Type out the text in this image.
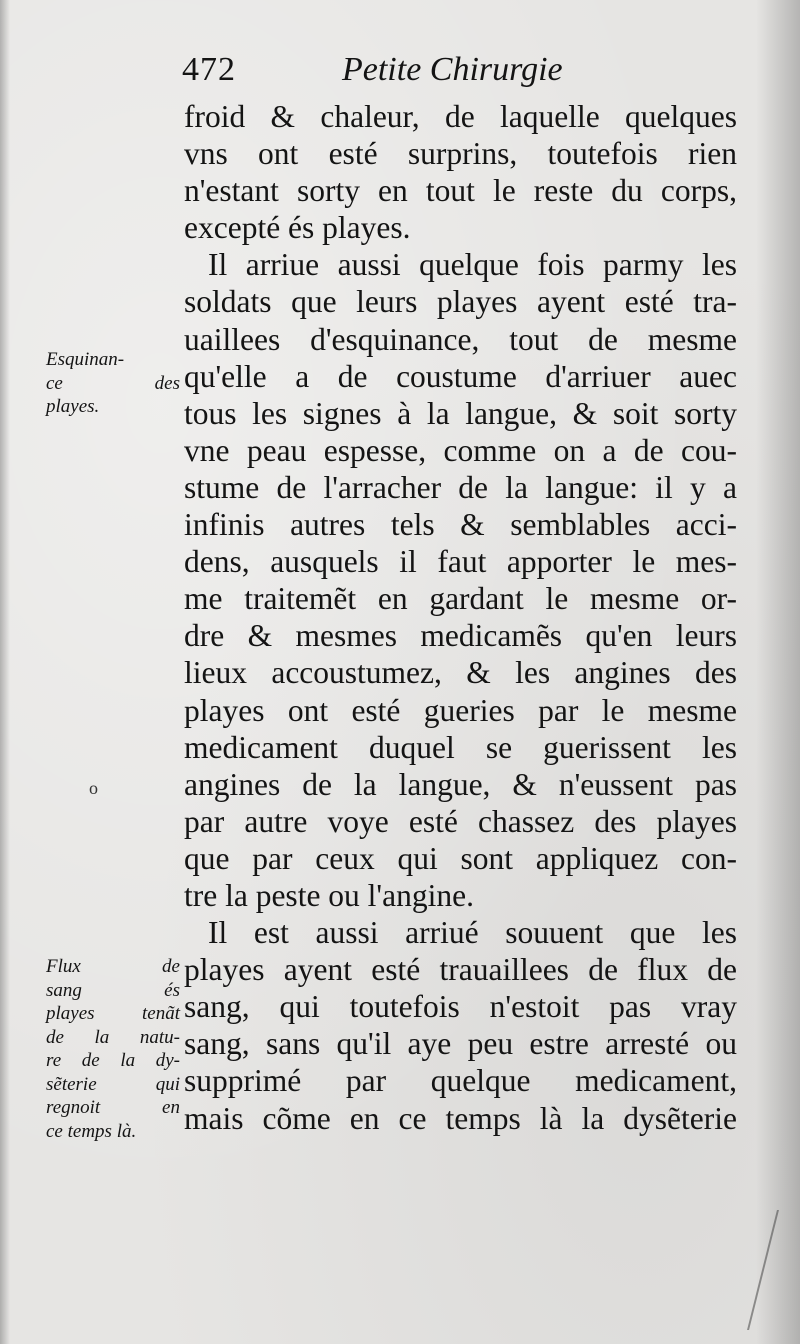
472	Petite Chirurgie
froid & chaleur, de laquelle quelques
vns ont esté surprins, toutefois rien
n'estant sorty en tout le reste du corps,
excepté és playes.
Il arriue aussi quelque fois parmy les
soldats que leurs playes ayent esté tra-
uaillees d'esquinance, tout de mesme
qu'elle a de coustume d'arriuer auec
tous les signes à la langue, & soit sorty
vne peau espesse, comme on a de cou-
stume de l'arracher de la langue: il y a
infinis autres tels & semblables acci-
dens, ausquels il faut apporter le mes-
me traitemẽt en gardant le mesme or-
dre & mesmes medicamẽs qu'en leurs
lieux accoustumez, & les angines des
playes ont esté gueries par le mesme
medicament duquel se guerissent les
angines de la langue, & n'eussent pas
par autre voye esté chassez des playes
que par ceux qui sont appliquez con-
tre la peste ou l'angine.
Il est aussi arriué souuent que les
playes ayent esté trauaillees de flux de
sang, qui toutefois n'estoit pas vray
sang, sans qu'il aye peu estre arresté ou
supprimé par quelque medicament,
mais cõme en ce temps là la dysẽterie
Esquinan-
ce des
playes.
o
Flux de
sang és
playes tenãt
de la natu-
re de la dy-
sẽterie qui
regnoit en
ce temps là.
